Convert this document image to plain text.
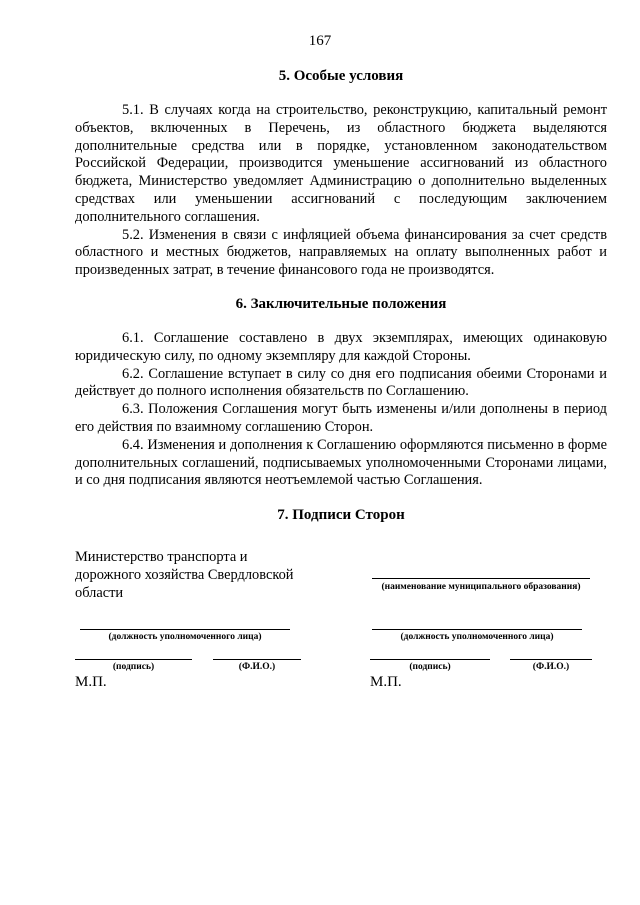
167
5. Особые условия

5.1. В случаях когда на строительство, реконструкцию, капитальный ремонт объектов, включенных в Перечень, из областного бюджета выделяются дополнительные средства или в порядке, установленном законодательством Российской Федерации, производится уменьшение ассигнований из областного бюджета, Министерство уведомляет Администрацию о дополнительно выделенных средствах или уменьшении ассигнований с последующим заключением дополнительного соглашения.

5.2. Изменения в связи с инфляцией объема финансирования за счет средств областного и местных бюджетов, направляемых на оплату выполненных работ и произведенных затрат, в течение финансового года не производятся.

6. Заключительные положения

6.1. Соглашение составлено в двух экземплярах, имеющих одинаковую юридическую силу, по одному экземпляру для каждой Стороны.

6.2. Соглашение вступает в силу со дня его подписания обеими Сторонами и действует до полного исполнения обязательств по Соглашению.

6.3. Положения Соглашения могут быть изменены и/или дополнены в период его действия по взаимному соглашению Сторон.

6.4. Изменения и дополнения к Соглашению оформляются письменно в форме дополнительных соглашений, подписываемых уполномоченными Сторонами лицами, и со дня подписания являются неотъемлемой частью Соглашения.

7. Подписи Сторон
Министерство транспорта и
дорожного хозяйства Свердловской
области	(наименование муниципального образования)
(должность уполномоченного лица)	(должность уполномоченного лица)
(подпись)	(Ф.И.О.)	(подпись)	(Ф.И.О.)
М.П.	М.П.
